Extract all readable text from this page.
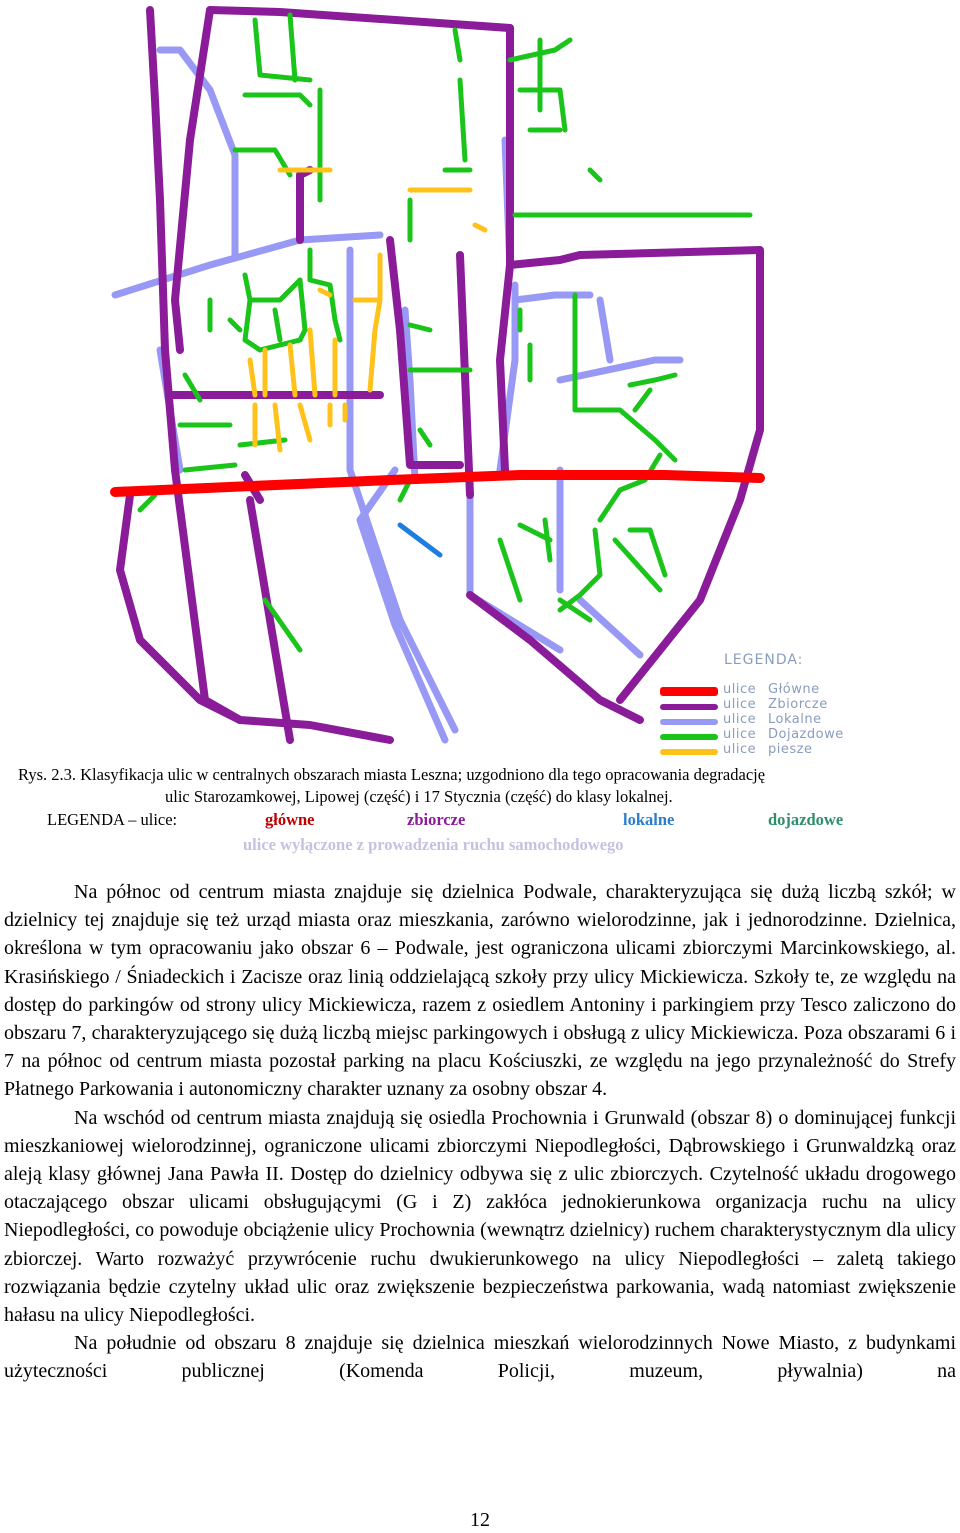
LEGENDA:
ulice Główne
ulice Zbiorcze
ulice Lokalne
ulice Dojazdowe
ulice piesze
Rys. 2.3. Klasyfikacja ulic w centralnych obszarach miasta Leszna; uzgodniono dla tego opracowania degradację
ulic Starozamkowej, Lipowej (część) i 17 Stycznia (część) do klasy lokalnej.
LEGENDA – ulice:	główne	zbiorcze	lokalne	dojazdowe
ulice wyłączone z prowadzenia ruchu samochodowego

Na północ od centrum miasta znajduje się dzielnica Podwale, charakteryzująca się dużą liczbą szkół; w dzielnicy tej znajduje się też urząd miasta oraz mieszkania, zarówno wielorodzinne, jak i jednorodzinne. Dzielnica, określona w tym opracowaniu jako obszar 6 – Podwale, jest ograniczona ulicami zbiorczymi Marcinkowskiego, al. Krasińskiego / Śniadeckich i Zacisze oraz linią oddzielającą szkoły przy ulicy Mickiewicza. Szkoły te, ze względu na dostęp do parkingów od strony ulicy Mickiewicza, razem z osiedlem Antoniny i parkingiem przy Tesco zaliczono do obszaru 7, charakteryzującego się dużą liczbą miejsc parkingowych i obsługą z ulicy Mickiewicza. Poza obszarami 6 i 7 na północ od centrum miasta pozostał parking na placu Kościuszki, ze względu na jego przynależność do Strefy Płatnego Parkowania i autonomiczny charakter uznany za osobny obszar 4.

Na wschód od centrum miasta znajdują się osiedla Prochownia i Grunwald (obszar 8) o dominującej funkcji mieszkaniowej wielorodzinnej, ograniczone ulicami zbiorczymi Niepodległości, Dąbrowskiego i Grunwaldzką oraz aleją klasy głównej Jana Pawła II. Dostęp do dzielnicy odbywa się z ulic zbiorczych. Czytelność układu drogowego otaczającego obszar ulicami obsługującymi (G i Z) zakłóca jednokierunkowa organizacja ruchu na ulicy Niepodległości, co powoduje obciążenie ulicy Prochownia (wewnątrz dzielnicy) ruchem charakterystycznym dla ulicy zbiorczej. Warto rozważyć przywrócenie ruchu dwukierunkowego na ulicy Niepodległości – zaletą takiego rozwiązania będzie czytelny układ ulic oraz zwiększenie bezpieczeństwa parkowania, wadą natomiast zwiększenie hałasu na ulicy Niepodległości.

Na południe od obszaru 8 znajduje się dzielnica mieszkań wielorodzinnych Nowe Miasto, z budynkami użyteczności publicznej (Komenda Policji, muzeum, pływalnia) na

12
